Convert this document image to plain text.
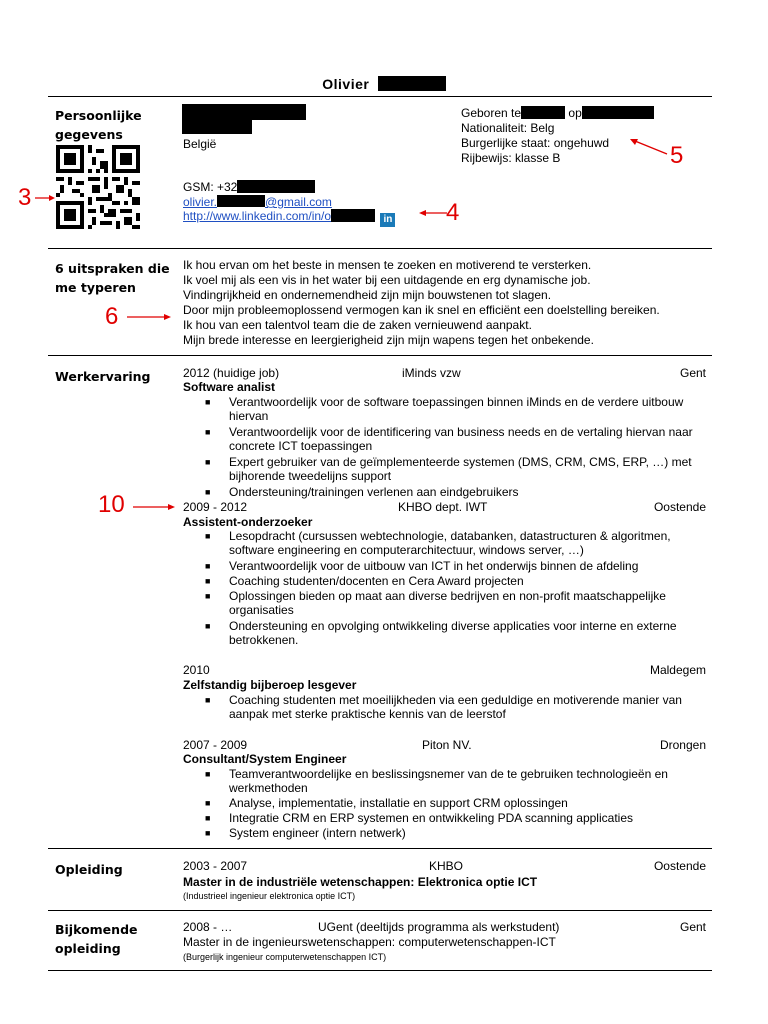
Olivier
Persoonlijke gegevens
België
GSM: +32
olivier.	@gmail.com
http://www.linkedin.com/in/o	in
Geboren te	op
Nationaliteit: Belg
Burgerlijke staat: ongehuwd
Rijbewijs: klasse B
3
4
5
6 uitspraken die me typeren
Ik hou ervan om het beste in mensen te zoeken en motiverend te versterken.
Ik voel mij als een vis in het water bij een uitdagende en erg dynamische job.
Vindingrijkheid en ondernemendheid zijn mijn bouwstenen tot slagen.
Door mijn probleemoplossend vermogen kan ik snel en efficiënt een doelstelling bereiken.
Ik hou van een talentvol team die de zaken vernieuwend aanpakt.
Mijn brede interesse en leergierigheid zijn mijn wapens tegen het onbekende.
6
Werkervaring	2012 (huidige job)	iMinds vzw	Gent
Software analist
■ Verantwoordelijk voor de software toepassingen binnen iMinds en de verdere uitbouw hiervan
■ Verantwoordelijk voor de identificering van business needs en de vertaling hiervan naar concrete ICT toepassingen
■ Expert gebruiker van de geïmplementeerde systemen (DMS, CRM, CMS, ERP, …) met bijhorende tweedelijns support
■ Ondersteuning/trainingen verlenen aan eindgebruikers
10	2009 - 2012	KHBO dept. IWT	Oostende
Assistent-onderzoeker
■ Lesopdracht (cursussen webtechnologie, databanken, datastructuren & algoritmen, software engineering en computerarchitectuur, windows server, …)
■ Verantwoordelijk voor de uitbouw van ICT in het onderwijs binnen de afdeling
■ Coaching studenten/docenten en Cera Award projecten
■ Oplossingen bieden op maat aan diverse bedrijven en non-profit maatschappelijke organisaties
■ Ondersteuning en opvolging ontwikkeling diverse applicaties voor interne en externe betrokkenen.
2010	Maldegem
Zelfstandig bijberoep lesgever
■ Coaching studenten met moeilijkheden via een geduldige en motiverende manier van aanpak met sterke praktische kennis van de leerstof
2007 - 2009	Piton NV.	Drongen
Consultant/System Engineer
■ Teamverantwoordelijke en beslissingsnemer van de te gebruiken technologieën en werkmethoden
■ Analyse, implementatie, installatie en support CRM oplossingen
■ Integratie CRM en ERP systemen en ontwikkeling PDA scanning applicaties
■ System engineer (intern netwerk)
Opleiding	2003 - 2007	KHBO	Oostende
Master in de industriële wetenschappen: Elektronica optie ICT
(Industrieel ingenieur elektronica optie ICT)
Bijkomende opleiding
2008 - …	UGent (deeltijds programma als werkstudent)	Gent
Master in de ingenieurswetenschappen: computerwetenschappen-ICT
(Burgerlijk ingenieur computerwetenschappen ICT)
